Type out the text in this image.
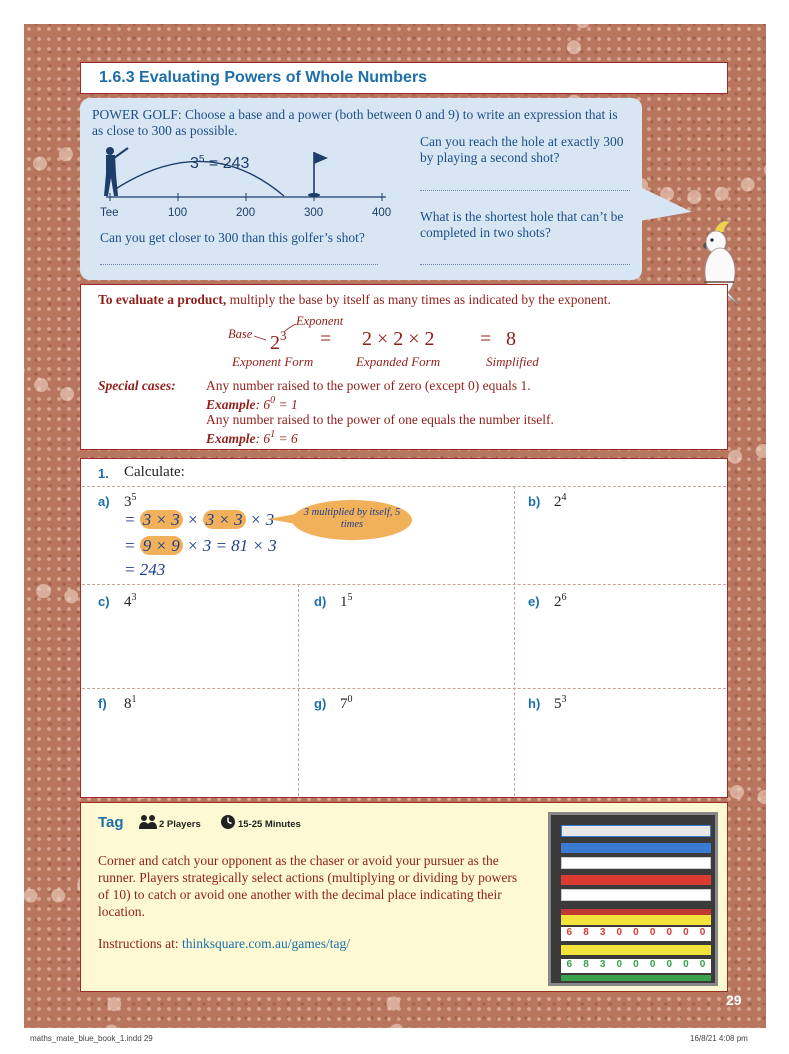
1.6.3 Evaluating Powers of Whole Numbers
POWER GOLF: Choose a base and a power (both between 0 and 9) to write an expression that is as close to 300 as possible.
$3^5 = 243$
Tee	100	200	300	400
Can you get closer to 300 than this golfer’s shot?
Can you reach the hole at exactly 300 by playing a second shot?
What is the shortest hole that can’t be completed in two shots?
To evaluate a product, multiply the base by itself as many times as indicated by the exponent.
Exponent
Base $2^3 = 2 \times 2 \times 2 = 8$
Exponent Form	Expanded Form	Simplified
Special cases: Any number raised to the power of zero (except 0) equals 1.
Example: $6^0 = 1$
Any number raised to the power of one equals the number itself.
Example: $6^1 = 6$
1. Calculate:
a) $3^5$
= 3 × 3 × 3 × 3 × 3
= 9 × 9 × 3 = 81 × 3
= 243
3 multiplied by itself, 5 times
b) $2^4$
c) $4^3$	d) $1^5$	e) $2^6$
f) $8^1$	g) $7^0$	h) $5^3$
Tag	2 Players	15-25 Minutes
Corner and catch your opponent as the chaser or avoid your pursuer as the runner. Players strategically select actions (multiplying or dividing by powers of 10) to catch or avoid one another with the decimal place indicating their location.
Instructions at: thinksquare.com.au/games/tag/
6 8 3 0 0 0 0 0 0
6 8 3 0 0 0 0 0 0
29
maths_mate_blue_book_1.indd 29	16/8/21 4:08 pm
